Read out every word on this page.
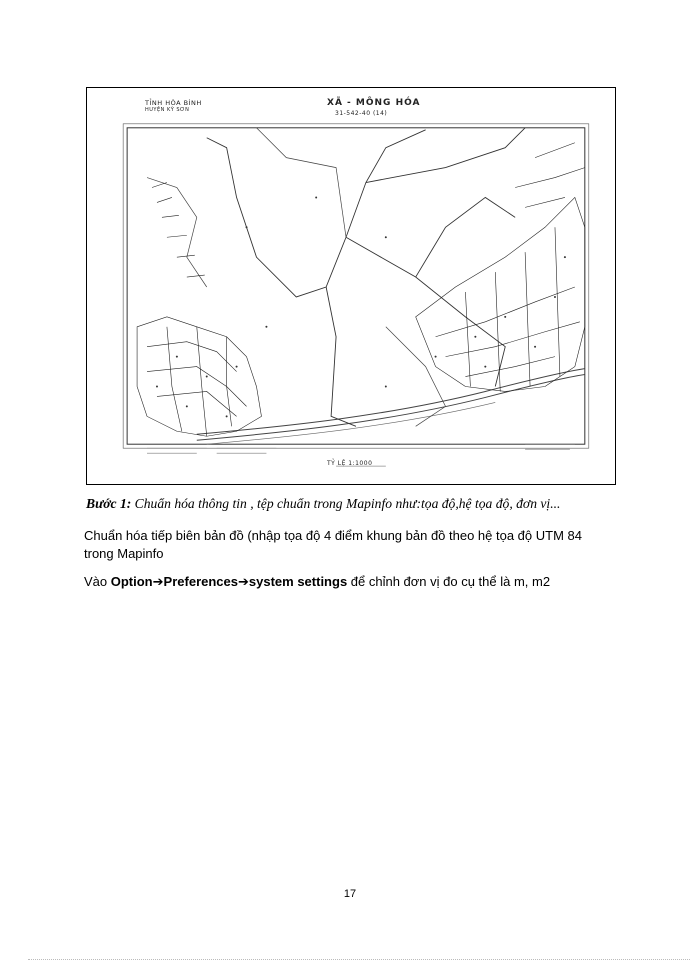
TỈNH HÒA BÌNH
HUYỆN KỲ SƠN
XÃ - MÔNG HÓA
31-542-40 (14)
TỶ LỆ 1:1000
Bước 1: Chuẩn hóa thông tin , tệp chuẩn trong Mapinfo như:tọa độ,hệ tọa độ, đơn vị...
Chuẩn hóa tiếp biên bản đồ (nhập tọa độ 4 điểm khung bản đồ theo hệ tọa độ UTM 84 trong Mapinfo
Vào Option➔Preferences➔system settings để chỉnh đơn vị đo cụ thể là m, m2
17
